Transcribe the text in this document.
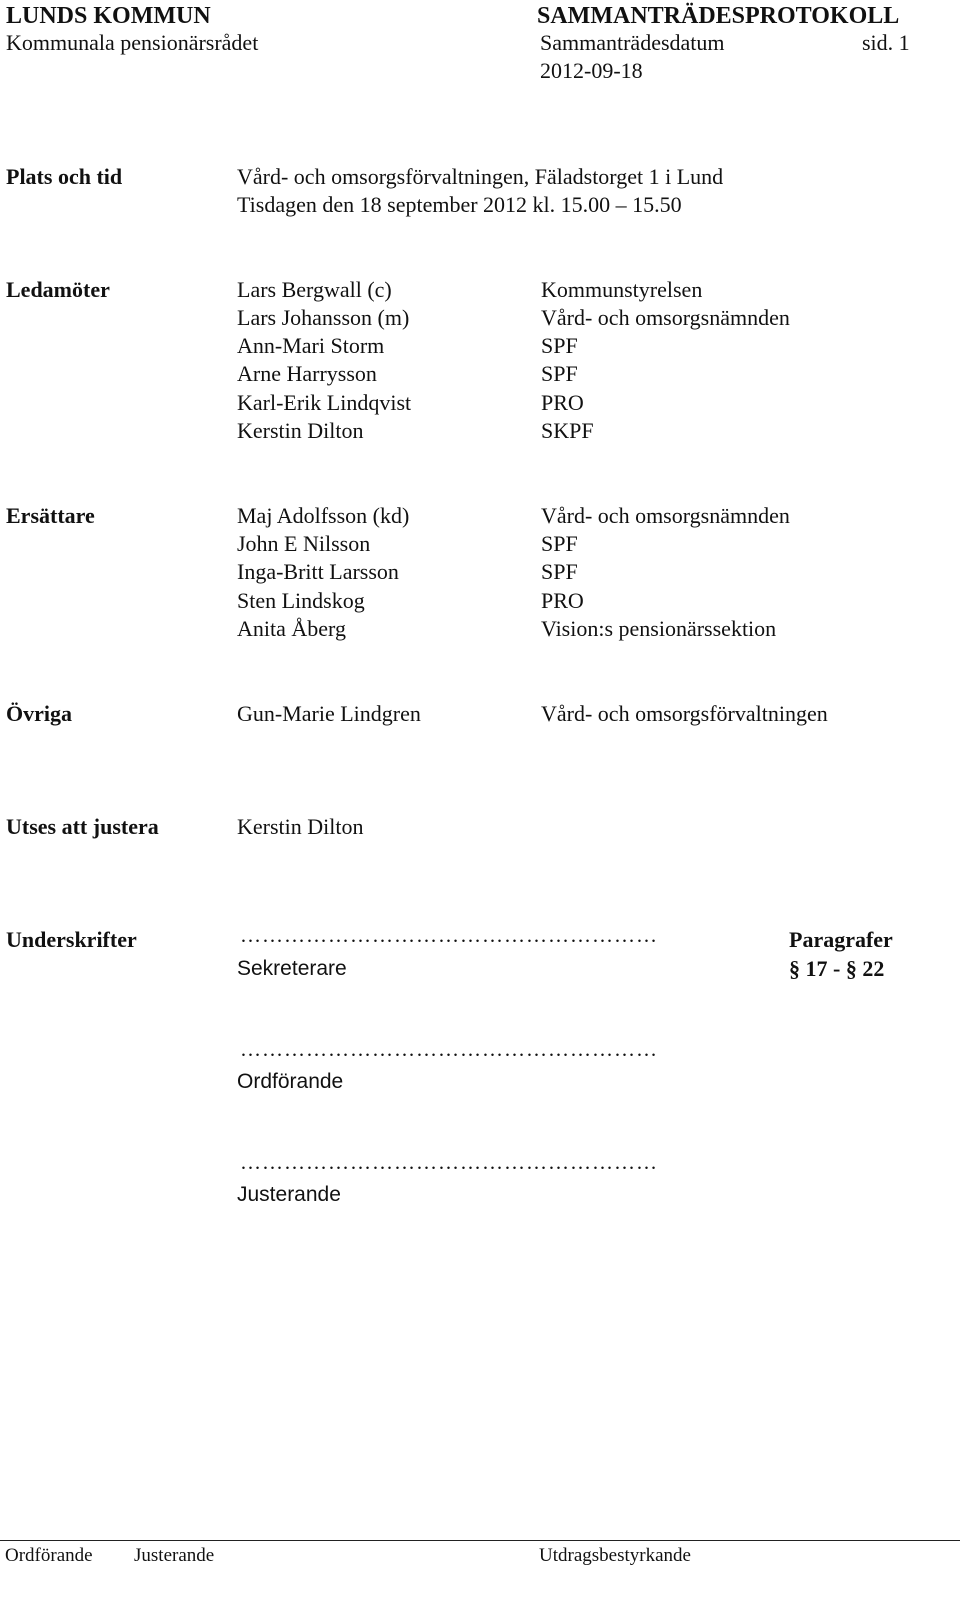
LUNDS KOMMUN	SAMMANTRÄDESPROTOKOLL
Kommunala pensionärsrådet	Sammanträdesdatum	sid. 1
2012-09-18
Plats och tid	Vård- och omsorgsförvaltningen, Fäladstorget 1 i Lund
Tisdagen den 18 september 2012 kl. 15.00 – 15.50
Ledamöter	Lars Bergwall (c)	Kommunstyrelsen
Lars Johansson (m)	Vård- och omsorgsnämnden
Ann-Mari Storm	SPF
Arne Harrysson	SPF
Karl-Erik Lindqvist	PRO
Kerstin Dilton	SKPF
Ersättare	Maj Adolfsson (kd)	Vård- och omsorgsnämnden
John E Nilsson	SPF
Inga-Britt Larsson	SPF
Sten Lindskog	PRO
Anita Åberg	Vision:s pensionärssektion
Övriga	Gun-Marie Lindgren	Vård- och omsorgsförvaltningen
Utses att justera	Kerstin Dilton
Underskrifter	…………………………………………………
Sekreterare
Paragrafer
§ 17 - § 22
…………………………………………………
Ordförande
…………………………………………………
Justerande
Ordförande Justerande	Utdragsbestyrkande
